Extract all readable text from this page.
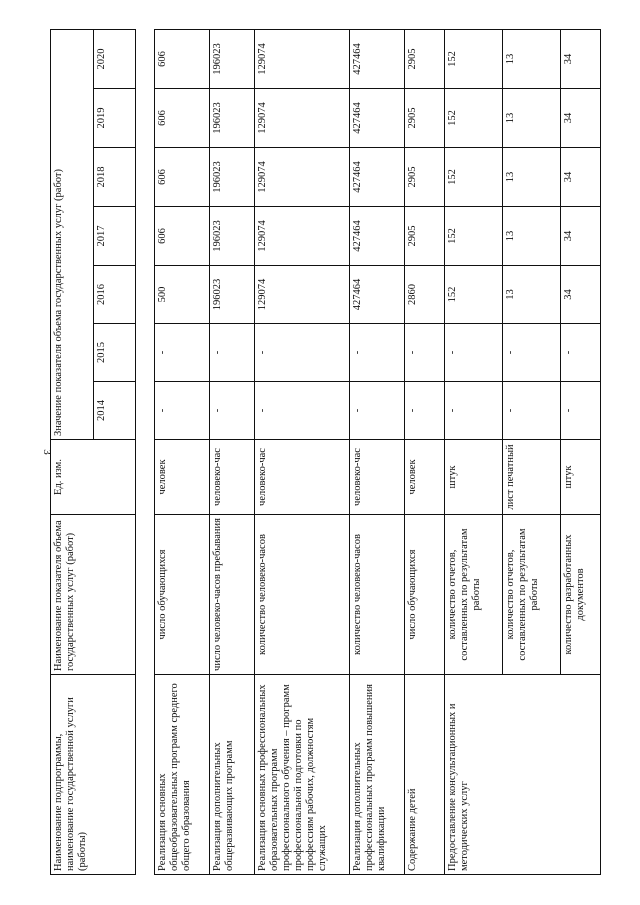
3
Наименование подпрограммы, наименование государственной услуги (работы)	Наименование показателя объема государственных услуг (работ)	Ед. изм.	Значение показателя объема государственных услуг (работ)						
			2014	2015	2016	2017	2018	2019	2020

Реализация основных общеобразовательных программ среднего общего образования	число обучающихся	человек	-	-	500	606	606	606	606
Реализация дополнительных общеразвивающих программ	число человеко-часов пребывания	человеко-час	-	-	196023	196023	196023	196023	196023
Реализация основных профессиональных образовательных программ профессионального обучения – программ профессиональной подготовки по профессиям рабочих, должностям служащих	количество человеко-часов	человеко-час	-	-	129074	129074	129074	129074	129074
Реализация дополнительных профессиональных программ повышения квалификации	количество человеко-часов	человеко-час	-	-	427464	427464	427464	427464	427464
Содержание детей	число обучающихся	человек	-	-	2860	2905	2905	2905	2905
Предоставление консультационных и методических услуг	количество отчетов, составленных по результатам работы	штук	-	-	152	152	152	152	152
	количество отчетов, составленных по результатам работы	лист печатный	-	-	13	13	13	13	13
	количество разработанных документов	штук	-	-	34	34	34	34	34
